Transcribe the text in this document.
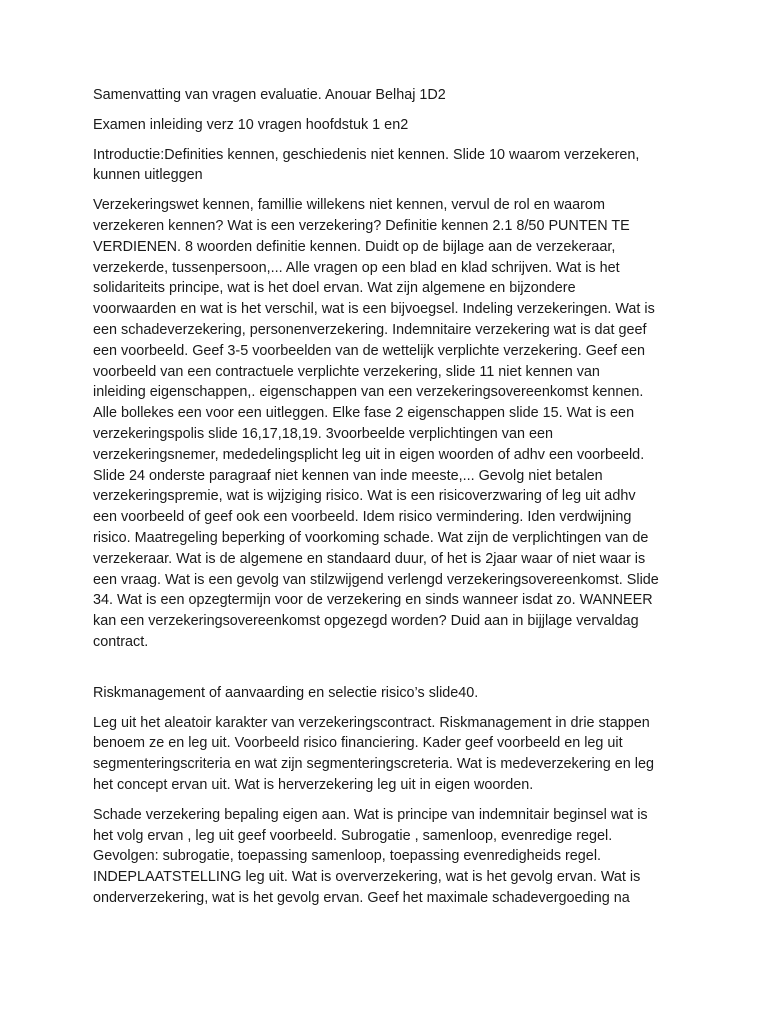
Samenvatting van vragen evaluatie. Anouar Belhaj 1D2

Examen inleiding verz 10 vragen hoofdstuk 1 en2

Introductie:Definities kennen, geschiedenis niet kennen. Slide 10 waarom verzekeren,
kunnen uitleggen

Verzekeringswet kennen, famillie willekens niet kennen, vervul de rol en waarom
verzekeren kennen? Wat is een verzekering? Definitie kennen 2.1 8/50 PUNTEN TE
VERDIENEN. 8 woorden definitie kennen. Duidt op de bijlage aan de verzekeraar,
verzekerde, tussenpersoon,... Alle vragen op een blad en klad schrijven. Wat is het
solidariteits principe, wat is het doel ervan. Wat zijn algemene en bijzondere
voorwaarden en wat is het verschil, wat is een bijvoegsel. Indeling verzekeringen. Wat is
een schadeverzekering, personenverzekering. Indemnitaire verzekering wat is dat geef
een voorbeeld. Geef 3-5 voorbeelden van de wettelijk verplichte verzekering. Geef een
voorbeeld van een contractuele verplichte verzekering, slide 11 niet kennen van
inleiding eigenschappen,. eigenschappen van een verzekeringsovereenkomst kennen.
Alle bollekes een voor een uitleggen. Elke fase 2 eigenschappen slide 15. Wat is een
verzekeringspolis slide 16,17,18,19. 3voorbeelde verplichtingen van een
verzekeringsnemer, mededelingsplicht leg uit in eigen woorden of adhv een voorbeeld.
Slide 24 onderste paragraaf niet kennen van inde meeste,... Gevolg niet betalen
verzekeringspremie, wat is wijziging risico. Wat is een risicoverzwaring of leg uit adhv
een voorbeeld of geef ook een voorbeeld. Idem risico vermindering. Iden verdwijning
risico. Maatregeling beperking of voorkoming schade. Wat zijn de verplichtingen van de
verzekeraar. Wat is de algemene en standaard duur, of het is 2jaar waar of niet waar is
een vraag. Wat is een gevolg van stilzwijgend verlengd verzekeringsovereenkomst. Slide
34. Wat is een opzegtermijn voor de verzekering en sinds wanneer isdat zo. WANNEER
kan een verzekeringsovereenkomst opgezegd worden? Duid aan in bijjlage vervaldag
contract.

Riskmanagement of aanvaarding en selectie risico’s slide40.

Leg uit het aleatoir karakter van verzekeringscontract. Riskmanagement in drie stappen
benoem ze en leg uit. Voorbeeld risico financiering. Kader geef voorbeeld en leg uit
segmenteringscriteria en wat zijn segmenteringscreteria. Wat is medeverzekering en leg
het concept ervan uit. Wat is herverzekering leg uit in eigen woorden.

Schade verzekering bepaling eigen aan. Wat is principe van indemnitair beginsel wat is
het volg ervan , leg uit geef voorbeeld. Subrogatie , samenloop, evenredige regel.
Gevolgen: subrogatie, toepassing samenloop, toepassing evenredigheids regel.
INDEPLAATSTELLING leg uit. Wat is oververzekering, wat is het gevolg ervan. Wat is
onderverzekering, wat is het gevolg ervan. Geef het maximale schadevergoeding na
